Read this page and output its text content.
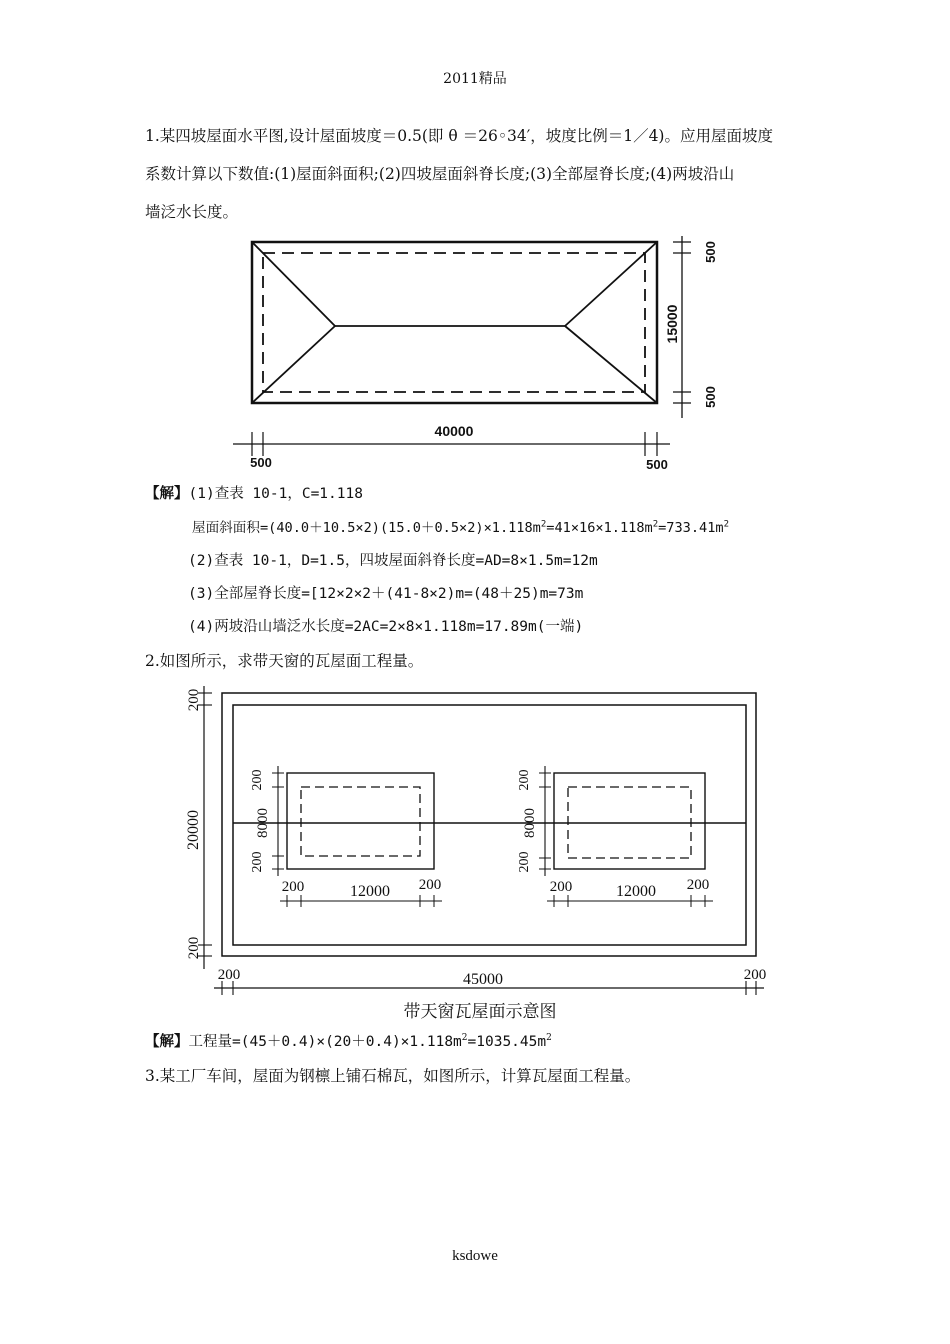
2011精品
1.某四坡屋面水平图,设计屋面坡度＝0.5(即 θ ＝26◦34′，坡度比例＝1／4)。应用屋面坡度
系数计算以下数值:(1)屋面斜面积;(2)四坡屋面斜脊长度;(3)全部屋脊长度;(4)两坡沿山
墙泛水长度。
40000
500	500
500
15000
500
【解】(1)查表 10-1，C=1.118
屋面斜面积$=(40.0+10.5\times 2)(15.0+0.5\times 2)\times 1.118m^2=41\times 16\times 1.118m^2=733.41m^2$
(2)查表 10-1，D=1.5，四坡屋面斜脊长度=AD=8×1.5m=12m
(3)全部屋脊长度=[12×2×2＋(41-8×2)m=(48＋25)m=73m
(4)两坡沿山墙泛水长度=2AC=2×8×1.118m=17.89m(一端)
2.如图所示，求带天窗的瓦屋面工程量。
200
20000
200
200
8000
200
200
8000
200
200	12000 200	200	12000 200
200	45000	200
带天窗瓦屋面示意图
【解】工程量$=(45+0.4)\times(20+0.4)\times 1.118m^2=1035.45m^2$
3.某工厂车间，屋面为钢檩上铺石棉瓦，如图所示，计算瓦屋面工程量。
ksdowe
